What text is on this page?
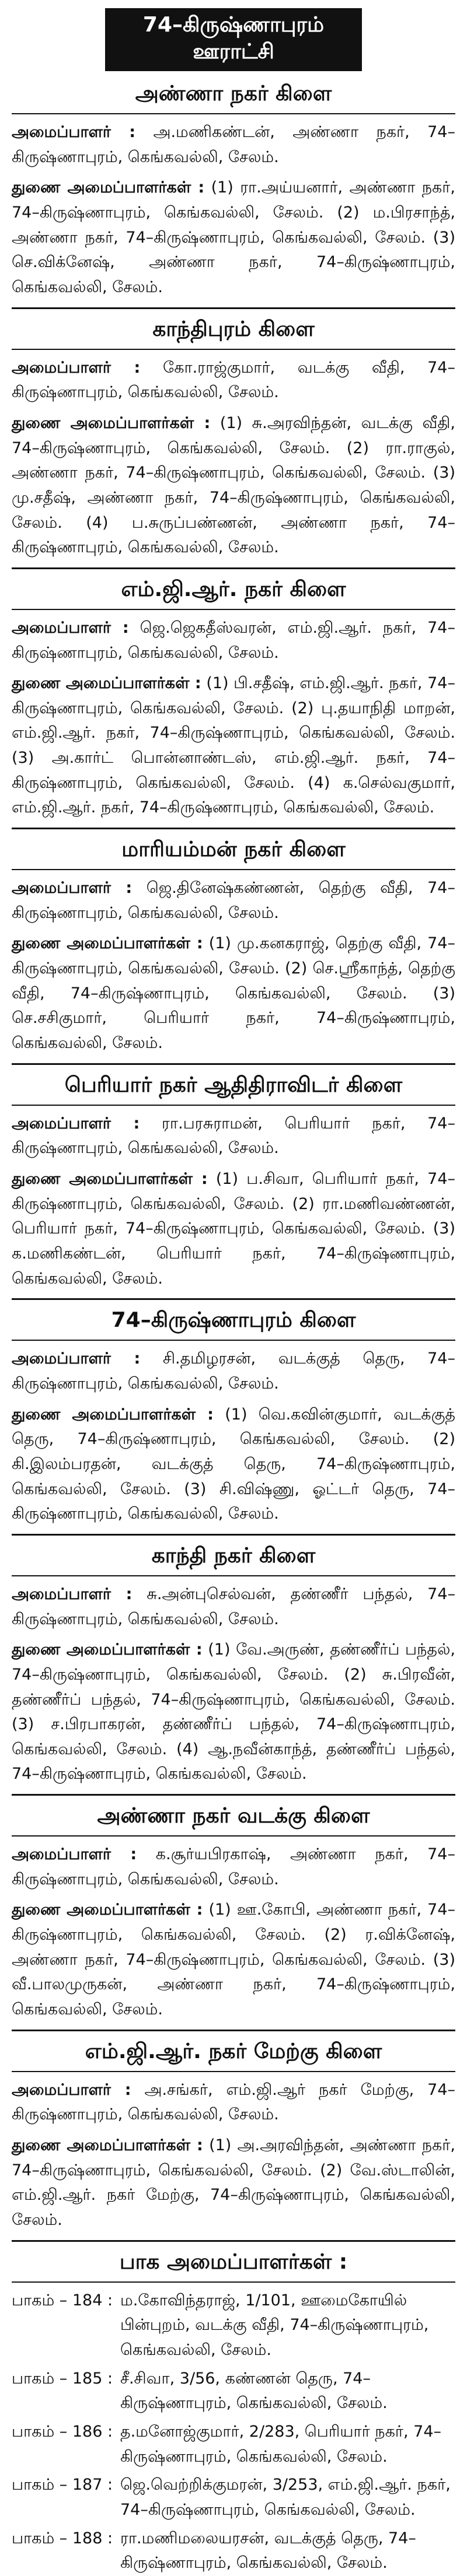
74–கிருஷ்ணாபுரம் ஊராட்சி
அண்ணா நகர் கிளை

அமைப்பாளர் : அ.மணிகண்டன், அண்ணா நகர், 74–கிருஷ்ணாபுரம், கெங்கவல்லி, சேலம்.

துணை அமைப்பாளர்கள் : (1) ரா.அய்யனார், அண்ணா நகர், 74–கிருஷ்ணாபுரம், கெங்கவல்லி, சேலம். (2) ம.பிரசாந்த், அண்ணா நகர், 74–கிருஷ்ணாபுரம், கெங்கவல்லி, சேலம். (3) செ.விக்னேஷ், அண்ணா நகர், 74–கிருஷ்ணாபுரம், கெங்கவல்லி, சேலம்.

காந்திபுரம் கிளை

அமைப்பாளர் : கோ.ராஜ்குமார், வடக்கு வீதி, 74–கிருஷ்ணாபுரம், கெங்கவல்லி, சேலம்.

துணை அமைப்பாளர்கள் : (1) சு.அரவிந்தன், வடக்கு வீதி, 74–கிருஷ்ணாபுரம், கெங்கவல்லி, சேலம். (2) ரா.ராகுல், அண்ணா நகர், 74–கிருஷ்ணாபுரம், கெங்கவல்லி, சேலம். (3) மு.சதீஷ், அண்ணா நகர், 74–கிருஷ்ணாபுரம், கெங்கவல்லி, சேலம். (4) ப.சுருப்பண்ணன், அண்ணா நகர், 74–கிருஷ்ணாபுரம், கெங்கவல்லி, சேலம்.

எம்.ஜி.ஆர். நகர் கிளை

அமைப்பாளர் : ஜெ.ஜெகதீஸ்வரன், எம்.ஜி.ஆர். நகர், 74–கிருஷ்ணாபுரம், கெங்கவல்லி, சேலம்.

துணை அமைப்பாளர்கள் : (1) பி.சதீஷ், எம்.ஜி.ஆர். நகர், 74–கிருஷ்ணாபுரம், கெங்கவல்லி, சேலம். (2) பு.தயாநிதி மாறன், எம்.ஜி.ஆர். நகர், 74–கிருஷ்ணாபுரம், கெங்கவல்லி, சேலம். (3) அ.கார்ட் பொன்னாண்டஸ், எம்.ஜி.ஆர். நகர், 74–கிருஷ்ணாபுரம், கெங்கவல்லி, சேலம். (4) க.செல்வகுமார், எம்.ஜி.ஆர். நகர், 74–கிருஷ்ணாபுரம், கெங்கவல்லி, சேலம்.

மாரியம்மன் நகர் கிளை

அமைப்பாளர் : ஜெ.தினேஷ்கண்ணன், தெற்கு வீதி, 74–கிருஷ்ணாபுரம், கெங்கவல்லி, சேலம்.

துணை அமைப்பாளர்கள் : (1) மு.கனகராஜ், தெற்கு வீதி, 74–கிருஷ்ணாபுரம், கெங்கவல்லி, சேலம். (2) செ.ஸ்ரீகாந்த், தெற்கு வீதி, 74–கிருஷ்ணாபுரம், கெங்கவல்லி, சேலம். (3) செ.சசிகுமார், பெரியார் நகர், 74–கிருஷ்ணாபுரம், கெங்கவல்லி, சேலம்.

பெரியார் நகர் ஆதிதிராவிடர் கிளை

அமைப்பாளர் : ரா.பரசுராமன், பெரியார் நகர், 74–கிருஷ்ணாபுரம், கெங்கவல்லி, சேலம்.

துணை அமைப்பாளர்கள் : (1) ப.சிவா, பெரியார் நகர், 74–கிருஷ்ணாபுரம், கெங்கவல்லி, சேலம். (2) ரா.மணிவண்ணன், பெரியார் நகர், 74–கிருஷ்ணாபுரம், கெங்கவல்லி, சேலம். (3) க.மணிகண்டன், பெரியார் நகர், 74–கிருஷ்ணாபுரம், கெங்கவல்லி, சேலம்.

74–கிருஷ்ணாபுரம் கிளை

அமைப்பாளர் : சி.தமிழரசன், வடக்குத் தெரு, 74–கிருஷ்ணாபுரம், கெங்கவல்லி, சேலம்.

துணை அமைப்பாளர்கள் : (1) வெ.கவின்குமார், வடக்குத் தெரு, 74–கிருஷ்ணாபுரம், கெங்கவல்லி, சேலம். (2) கி.இலம்பரதன், வடக்குத் தெரு, 74–கிருஷ்ணாபுரம், கெங்கவல்லி, சேலம். (3) சி.விஷ்ணு, ஓட்டர் தெரு, 74–கிருஷ்ணாபுரம், கெங்கவல்லி, சேலம்.

காந்தி நகர் கிளை

அமைப்பாளர் : சு.அன்புசெல்வன், தண்ணீர் பந்தல், 74–கிருஷ்ணாபுரம், கெங்கவல்லி, சேலம்.

துணை அமைப்பாளர்கள் : (1) வே.அருண், தண்ணீர்ப் பந்தல், 74–கிருஷ்ணாபுரம், கெங்கவல்லி, சேலம். (2) சு.பிரவீன், தண்ணீர்ப் பந்தல், 74–கிருஷ்ணாபுரம், கெங்கவல்லி, சேலம். (3) ச.பிரபாகரன், தண்ணீர்ப் பந்தல், 74–கிருஷ்ணாபுரம், கெங்கவல்லி, சேலம். (4) ஆ.நவீன்காந்த், தண்ணீர்ப் பந்தல், 74–கிருஷ்ணாபுரம், கெங்கவல்லி, சேலம்.

அண்ணா நகர் வடக்கு கிளை

அமைப்பாளர் : க.சூர்யபிரகாஷ், அண்ணா நகர், 74–கிருஷ்ணாபுரம், கெங்கவல்லி, சேலம்.

துணை அமைப்பாளர்கள் : (1) ஊ.கோபி, அண்ணா நகர், 74–கிருஷ்ணாபுரம், கெங்கவல்லி, சேலம். (2) ர.விக்னேஷ், அண்ணா நகர், 74–கிருஷ்ணாபுரம், கெங்கவல்லி, சேலம். (3) வீ.பாலமுருகன், அண்ணா நகர், 74–கிருஷ்ணாபுரம், கெங்கவல்லி, சேலம்.

எம்.ஜி.ஆர். நகர் மேற்கு கிளை

அமைப்பாளர் : அ.சங்கர், எம்.ஜி.ஆர் நகர் மேற்கு, 74–கிருஷ்ணாபுரம், கெங்கவல்லி, சேலம்.

துணை அமைப்பாளர்கள் : (1) அ.அரவிந்தன், அண்ணா நகர், 74–கிருஷ்ணாபுரம், கெங்கவல்லி, சேலம். (2) வே.ஸ்டாலின், எம்.ஜி.ஆர். நகர் மேற்கு, 74–கிருஷ்ணாபுரம், கெங்கவல்லி, சேலம்.

பாக அமைப்பாளர்கள் :
பாகம் – 184 : ம.கோவிந்தராஜ், 1/101, ஊமைகோயில் பின்புறம், வடக்கு வீதி, 74–கிருஷ்ணாபுரம், கெங்கவல்லி, சேலம்.
பாகம் – 185 : சீ.சிவா, 3/56, கண்ணன் தெரு, 74–கிருஷ்ணாபுரம், கெங்கவல்லி, சேலம்.
பாகம் – 186 : த.மனோஜ்குமார், 2/283, பெரியார் நகர், 74–கிருஷ்ணாபுரம், கெங்கவல்லி, சேலம்.
பாகம் – 187 : ஜெ.வெற்றிக்குமரன், 3/253, எம்.ஜி.ஆர். நகர், 74–கிருஷ்ணாபுரம், கெங்கவல்லி, சேலம்.
பாகம் – 188 : ரா.மணிமலையரசன், வடக்குத் தெரு, 74–கிருஷ்ணாபுரம், கெங்கவல்லி, சேலம்.
